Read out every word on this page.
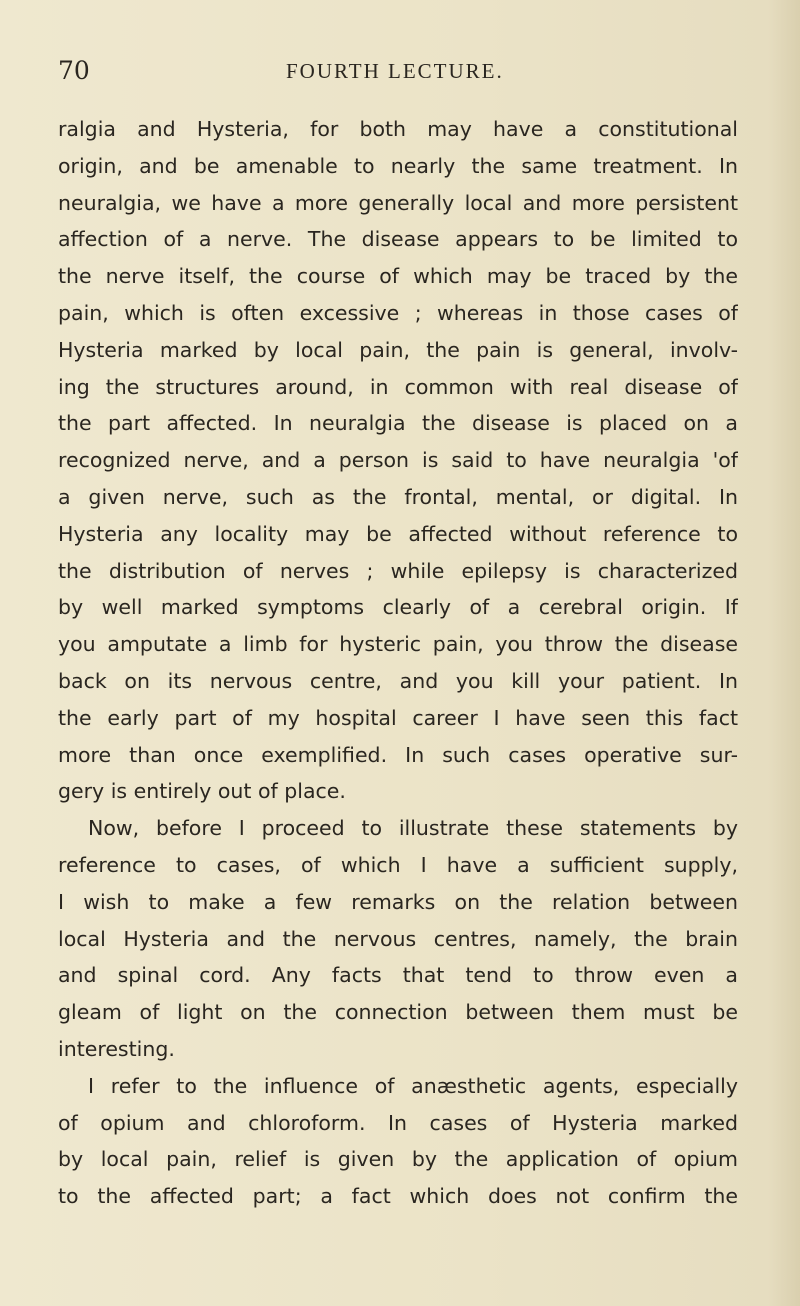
70	FOURTH LECTURE.
ralgia and Hysteria, for both may have a constitutional
origin, and be amenable to nearly the same treatment. In
neuralgia, we have a more generally local and more persistent
affection of a nerve. The disease appears to be limited to
the nerve itself, the course of which may be traced by the
pain, which is often excessive ; whereas in those cases of
Hysteria marked by local pain, the pain is general, involv-
ing the structures around, in common with real disease of
the part affected. In neuralgia the disease is placed on a
recognized nerve, and a person is said to have neuralgia 'of
a given nerve, such as the frontal, mental, or digital. In
Hysteria any locality may be affected without reference to
the distribution of nerves ; while epilepsy is characterized
by well marked symptoms clearly of a cerebral origin. If
you amputate a limb for hysteric pain, you throw the disease
back on its nervous centre, and you kill your patient. In
the early part of my hospital career I have seen this fact
more than once exemplified. In such cases operative sur-
gery is entirely out of place.
Now, before I proceed to illustrate these statements by
reference to cases, of which I have a sufficient supply,
I wish to make a few remarks on the relation between
local Hysteria and the nervous centres, namely, the brain
and spinal cord. Any facts that tend to throw even a
gleam of light on the connection between them must be
interesting.
I refer to the influence of anæsthetic agents, especially
of opium and chloroform. In cases of Hysteria marked
by local pain, relief is given by the application of opium
to the affected part; a fact which does not confirm the
